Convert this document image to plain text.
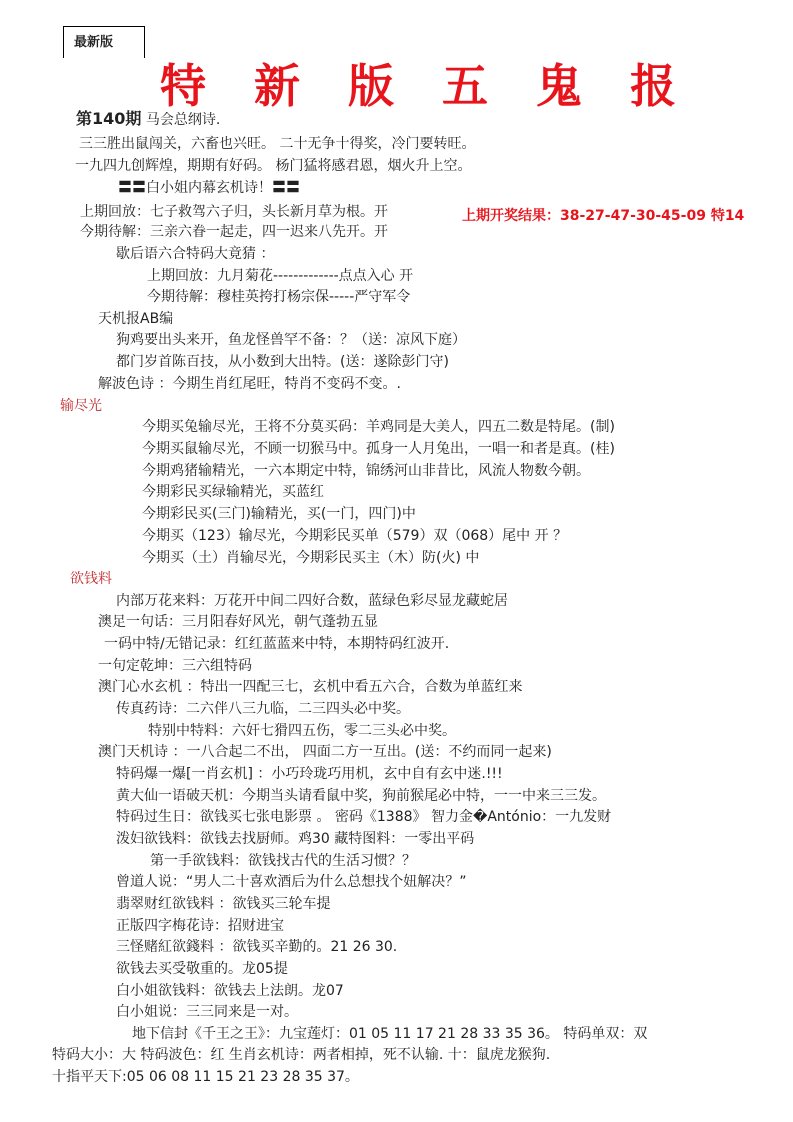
最新版
特 新 版 五 鬼 报
第140期 马会总纲诗.
上期开奖结果：38-27-47-30-45-09 特14
三三胜出鼠闯关，六畜也兴旺。 二十无争十得奖，冷门要转旺。
一九四九创辉煌，期期有好码。 杨门猛将感君恩，烟火升上空。
〓〓白小姐内幕玄机诗！〓〓
上期回放：七子救驾六子归，头长新月草为根。开
今期待解：三亲六眷一起走，四一迟来八先开。开
歇后语六合特码大竟猜 ：
上期回放：九月菊花-------------点点入心 开
今期待解：穆桂英挎打杨宗保-----严守军令
天机报AB编
狗鸡要出头来开，鱼龙怪兽罕不备：？（送：凉风下庭）
都门岁首陈百技，从小数到大出特。(送：遂除彭门守)
解波色诗 ：今期生肖红尾旺，特肖不变码不变。.
输尽光
今期买兔输尽光，王将不分莫买码：羊鸡同是大美人，四五二数是特尾。(制)
今期买鼠输尽光，不顾一切猴马中。孤身一人月兔出，一唱一和者是真。(桂)
今期鸡猪输精光，一六本期定中特，锦绣河山非昔比，风流人物数今朝。
今期彩民买绿输精光，买蓝红
今期彩民买(三门)输精光，买(一门，四门)中
今期买（123）输尽光，今期彩民买单（579）双（068）尾中 开 ？
今期买（土）肖输尽光，今期彩民买主（木）防(火) 中
欲钱料
内部万花来料：万花开中间二四好合数，蓝绿色彩尽显龙藏蛇居
澳足一句话：三月阳春好风光，朝气蓬勃五显
一码中特/无错记录：红红蓝蓝来中特，本期特码红波开.
一句定乾坤：三六组特码
澳门心水玄机 ：特出一四配三七，玄机中看五六合，合数为单蓝红来
传真药诗：二六伴八三九临，二三四头必中奖。
特别中特料：六奸七猾四五伤，零二三头必中奖。
澳门天机诗 ：一八合起二不出， 四面二方一互出。(送：不约而同一起来)
特码爆一爆[一肖玄机] ：小巧玲珑巧用机，玄中自有玄中迷.!!!
黄大仙一语破天机：今期当头请看鼠中奖，狗前猴尾必中特，一一中来三三发。
特码过生日：欲钱买七张电影票 。 密码《1388》 智力金�António：一九发财
泼妇欲钱料：欲钱去找厨师。鸡30 藏特图料：一零出平码
第一手欲钱料：欲钱找古代的生活习惯？？
曾道人说：“男人二十喜欢酒后为什么总想找个妞解决？”
翡翠财红欲钱料 ：欲钱买三轮车提
正版四字梅花诗：招财进宝
三怪赌紅欲錢料 ：欲钱买辛勤的。21 26 30.
欲钱去买受敬重的。龙05提
白小姐欲钱料：欲钱去上法朗。龙07
白小姐说：三三同来是一对。
地下信封《千王之王》：九宝莲灯：01 05 11 17 21 28 33 35 36。 特码单双：双
特码大小：大 特码波色：红 生肖玄机诗：两者相掉，死不认输. 十：鼠虎龙猴狗.
十指平天下:05 06 08 11 15 21 23 28 35 37。
